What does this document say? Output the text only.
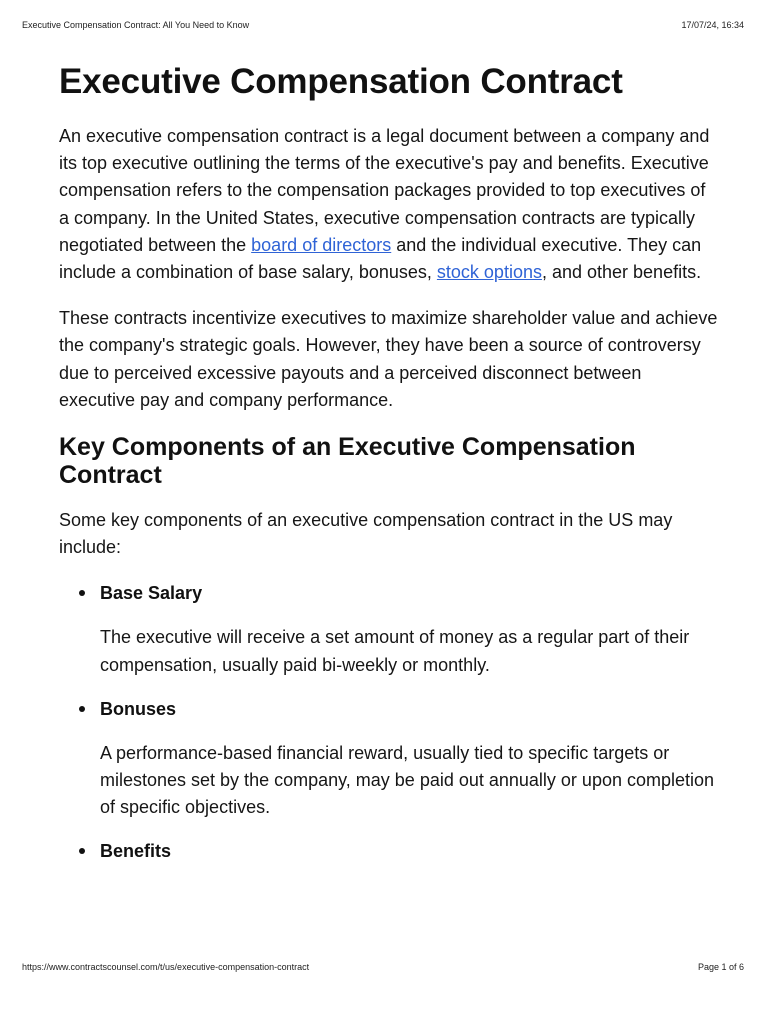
Executive Compensation Contract: All You Need to Know	17/07/24, 16:34
Executive Compensation Contract

An executive compensation contract is a legal document between a company and its top executive outlining the terms of the executive's pay and benefits. Executive compensation refers to the compensation packages provided to top executives of a company. In the United States, executive compensation contracts are typically negotiated between the board of directors and the individual executive. They can include a combination of base salary, bonuses, stock options, and other benefits.

These contracts incentivize executives to maximize shareholder value and achieve the company's strategic goals. However, they have been a source of controversy due to perceived excessive payouts and a perceived disconnect between executive pay and company performance.

Key Components of an Executive Compensation Contract

Some key components of an executive compensation contract in the US may include:

Base Salary
The executive will receive a set amount of money as a regular part of their compensation, usually paid bi-weekly or monthly.
Bonuses
A performance-based financial reward, usually tied to specific targets or milestones set by the company, may be paid out annually or upon completion of specific objectives.
Benefits
https://www.contractscounsel.com/t/us/executive-compensation-contract	Page 1 of 6
